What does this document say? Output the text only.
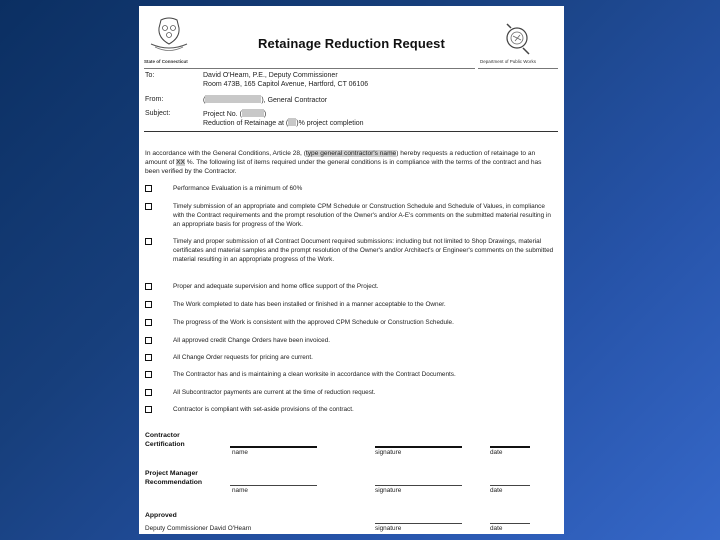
State of Connecticut	Department of Public Works
Retainage Reduction Request
To:	David O'Hearn, P.E., Deputy Commissioner
Room 473B, 165 Capitol Avenue, Hartford, CT 06106
From:	(	), General Contractor
Subject:	Project No. (	)
Reduction of Retainage at ( )% project completion
In accordance with the General Conditions, Article 28, (type general contractor's name) hereby requests a reduction of retainage to an amount of XX %. The following list of items required under the general conditions is in compliance with the terms of the contract and has been verified by the Contractor.
Performance Evaluation is a minimum of 60%
Timely submission of an appropriate and complete CPM Schedule or Construction Schedule and Schedule of Values, in compliance with the Contract requirements and the prompt resolution of the Owner's and/or A-E's comments on the submitted material resulting in an appropriate basis for progress of the Work.
Timely and proper submission of all Contract Document required submissions: including but not limited to Shop Drawings, material certificates and material samples and the prompt resolution of the Owner's and/or Architect's or Engineer's comments on the submitted material resulting in an appropriate progress of the Work.
Proper and adequate supervision and home office support of the Project.
The Work completed to date has been installed or finished in a manner acceptable to the Owner.
The progress of the Work is consistent with the approved CPM Schedule or Construction Schedule.
All approved credit Change Orders have been invoiced.
All Change Order requests for pricing are current.
The Contractor has and is maintaining a clean worksite in accordance with the Contract Documents.
All Subcontractor payments are current at the time of reduction request.
Contractor is compliant with set-aside provisions of the contract.
Contractor
Certification
name	signature	date
Project Manager
Recommendation
name	signature	date
Approved
Deputy Commissioner David O'Hearn	signature	date
